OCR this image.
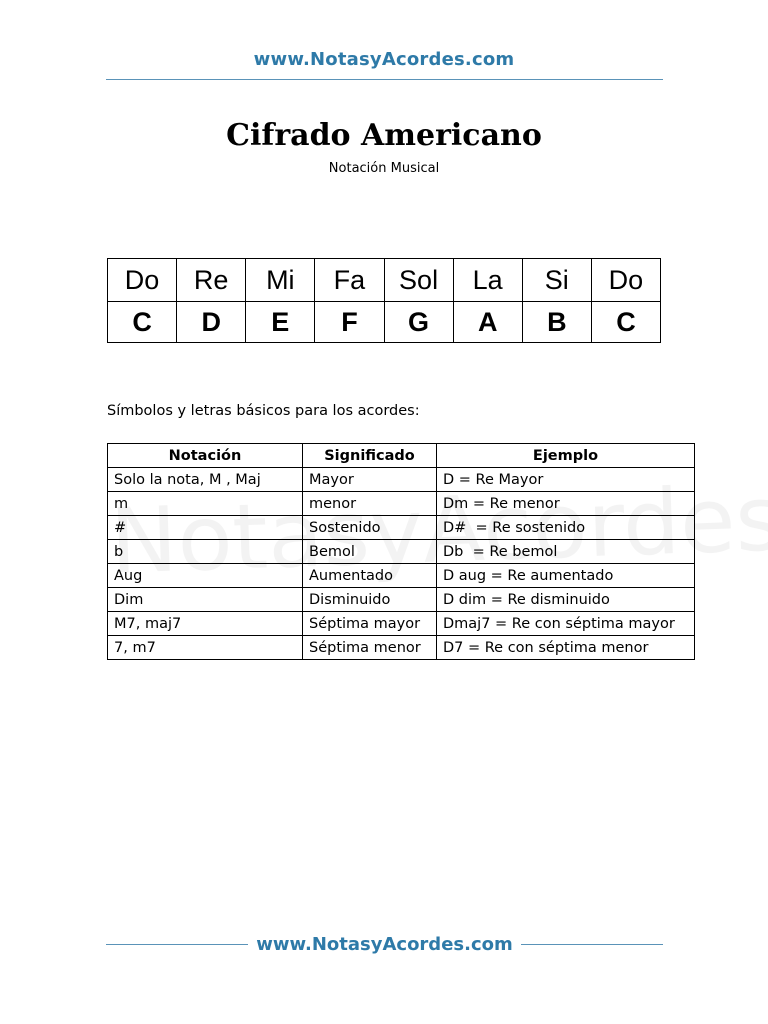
www.NotasyAcordes.com
Cifrado Americano
Notación Musical
Do	Re	Mi	Fa	Sol	La	Si	Do
C	D	E	F	G	A	B	C
Símbolos y letras básicos para los acordes:
Notación	Significado	Ejemplo
Solo la nota, M , Maj	Mayor	D = Re Mayor
m	menor	Dm = Re menor
#	Sostenido	D#  = Re sostenido
b	Bemol	Db  = Re bemol
Aug	Aumentado	D aug = Re aumentado
Dim	Disminuido	D dim = Re disminuido
M7, maj7	Séptima mayor	Dmaj7 = Re con séptima mayor
7, m7	Séptima menor	D7 = Re con séptima menor
www.NotasyAcordes.com
